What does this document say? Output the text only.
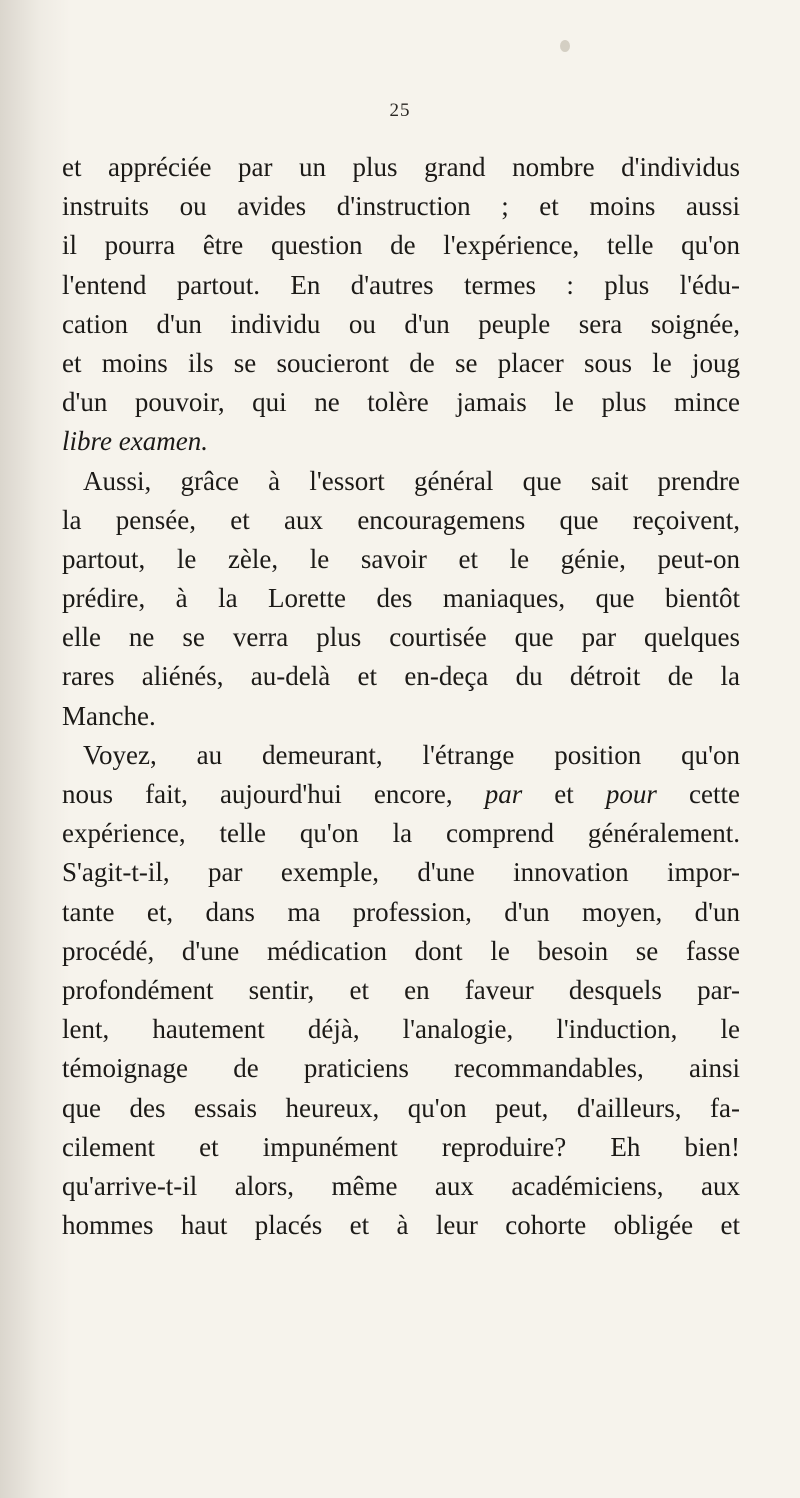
25
et appréciée par un plus grand nombre d'individus
instruits ou avides d'instruction ; et moins aussi
il pourra être question de l'expérience, telle qu'on
l'entend partout. En d'autres termes : plus l'édu-
cation d'un individu ou d'un peuple sera soignée,
et moins ils se soucieront de se placer sous le joug
d'un pouvoir, qui ne tolère jamais le plus mince
libre examen.
Aussi, grâce à l'essort général que sait prendre
la pensée, et aux encouragemens que reçoivent,
partout, le zèle, le savoir et le génie, peut-on
prédire, à la Lorette des maniaques, que bientôt
elle ne se verra plus courtisée que par quelques
rares aliénés, au-delà et en-deça du détroit de la
Manche.
Voyez, au demeurant, l'étrange position qu'on
nous fait, aujourd'hui encore, par et pour cette
expérience, telle qu'on la comprend généralement.
S'agit-t-il, par exemple, d'une innovation impor-
tante et, dans ma profession, d'un moyen, d'un
procédé, d'une médication dont le besoin se fasse
profondément sentir, et en faveur desquels par-
lent, hautement déjà, l'analogie, l'induction, le
témoignage de praticiens recommandables, ainsi
que des essais heureux, qu'on peut, d'ailleurs, fa-
cilement et impunément reproduire? Eh bien!
qu'arrive-t-il alors, même aux académiciens, aux
hommes haut placés et à leur cohorte obligée et
